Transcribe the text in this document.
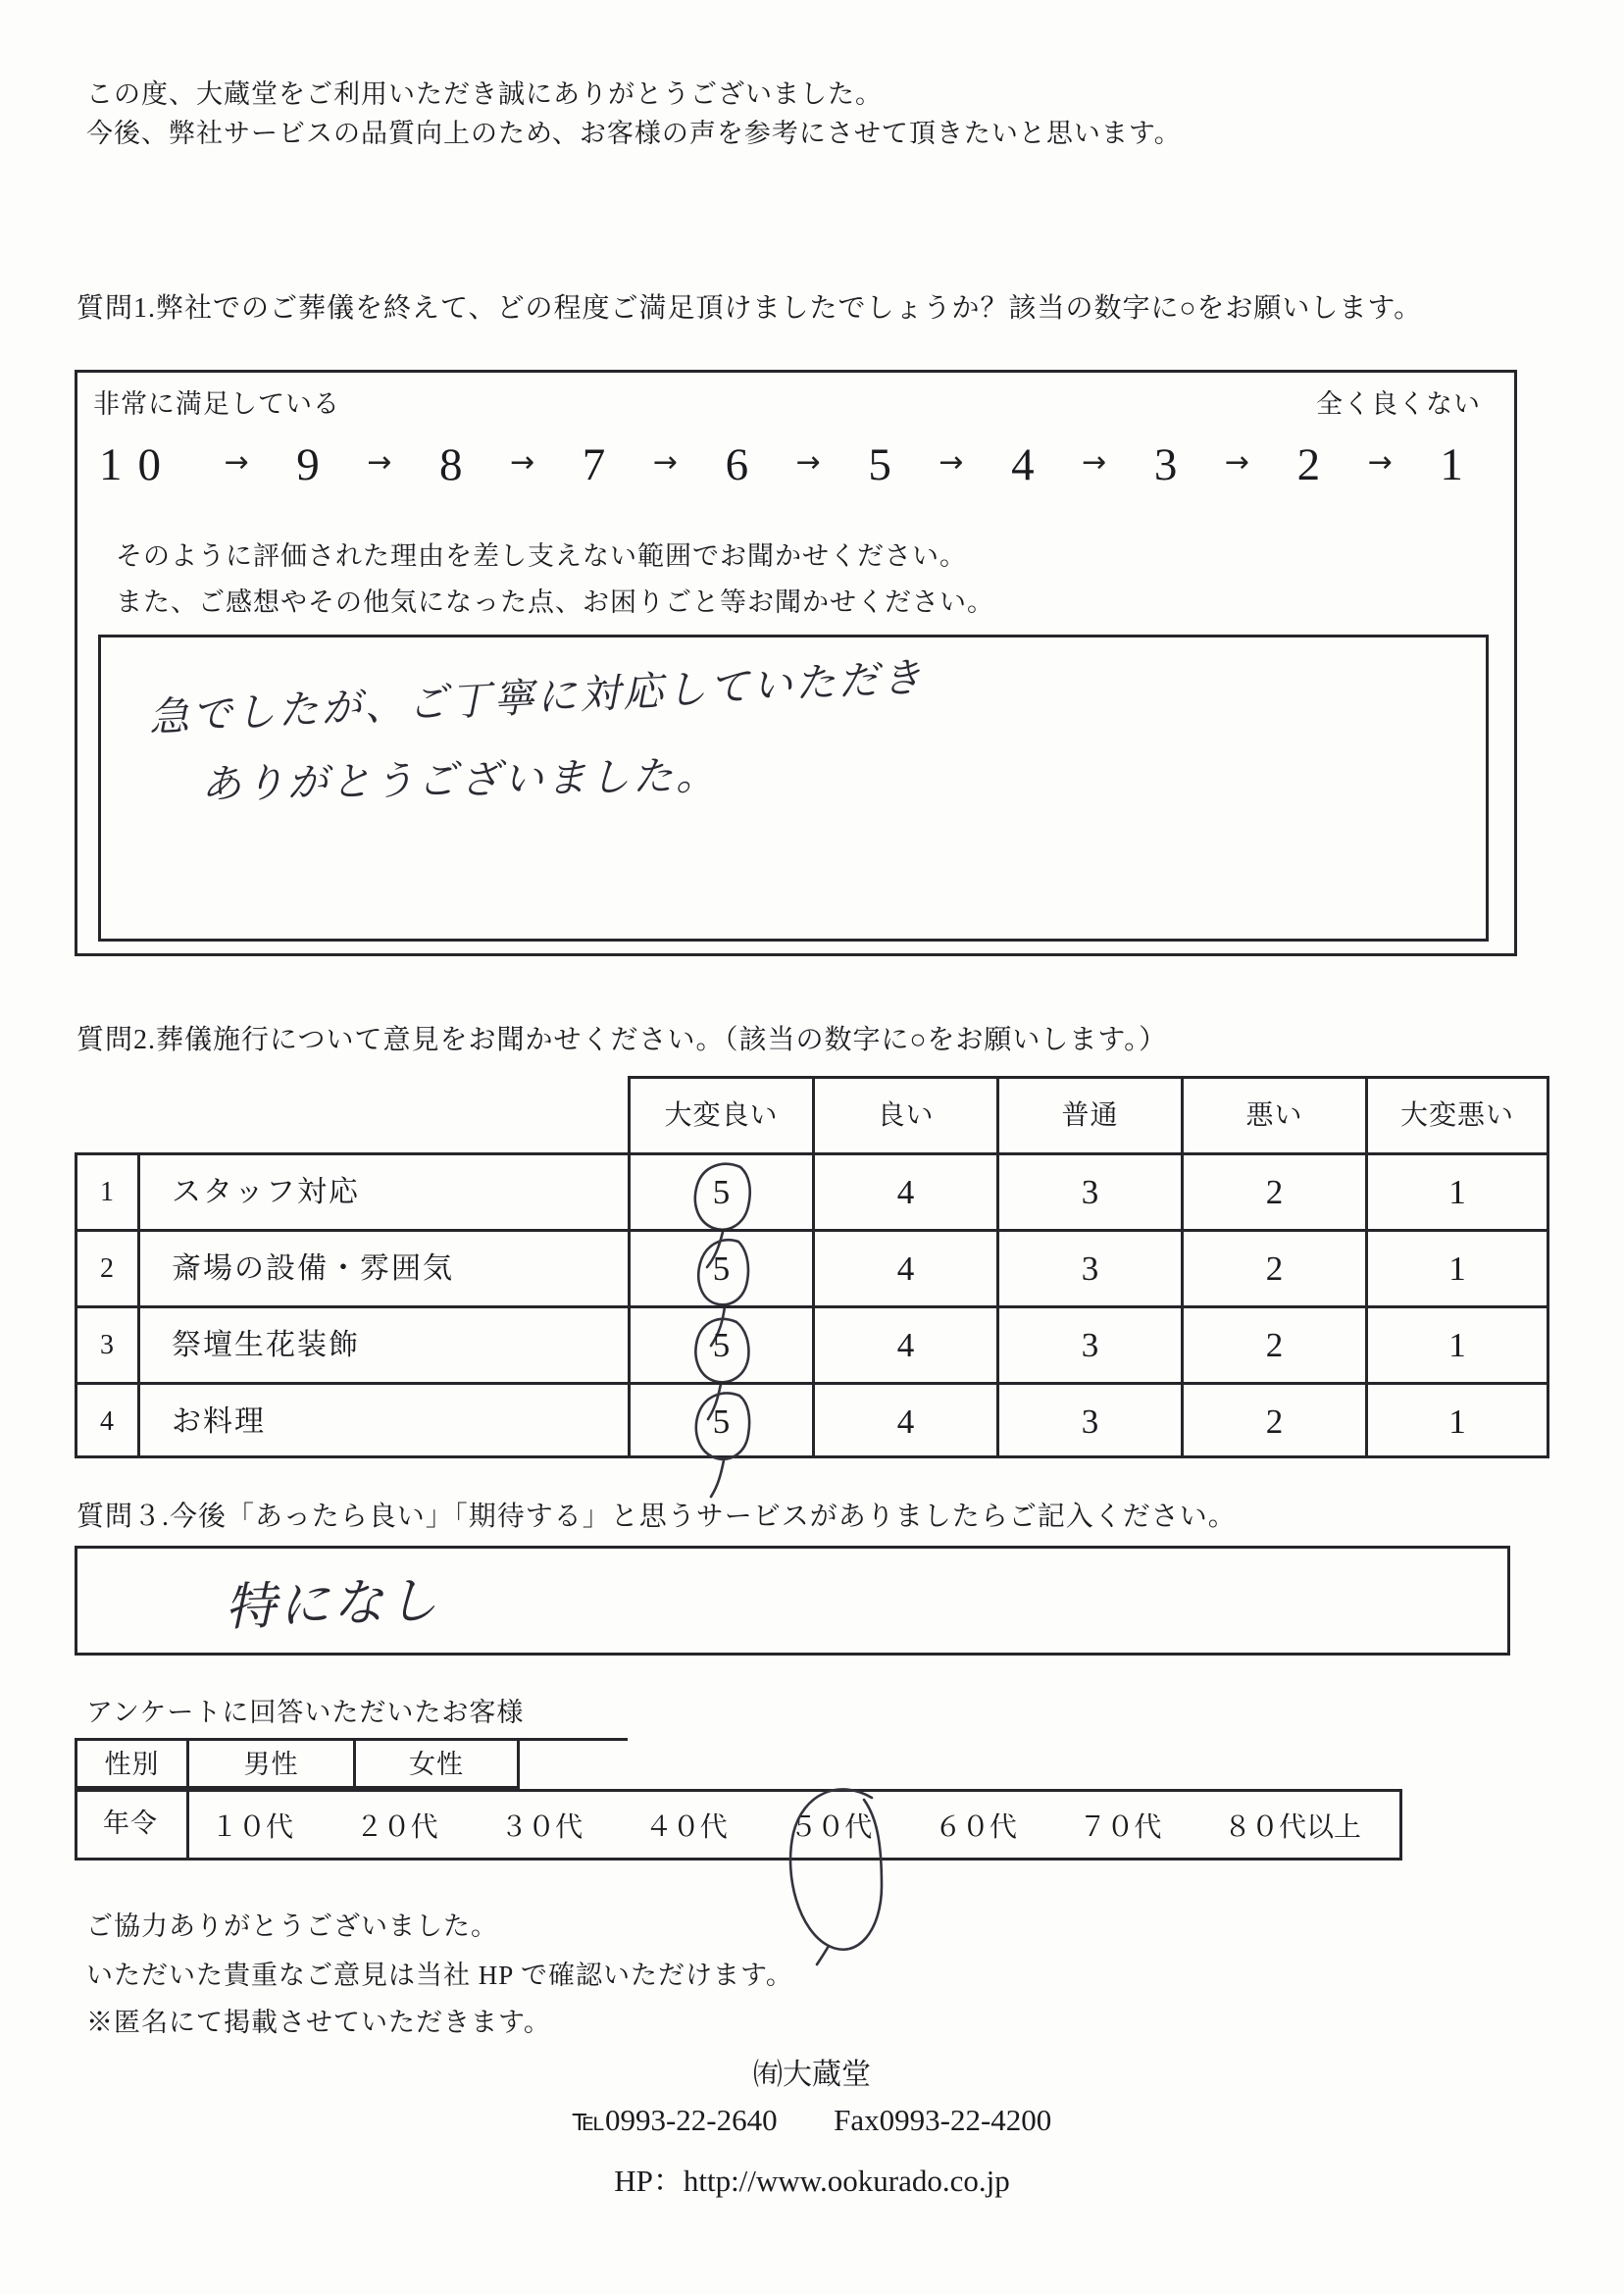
この度、大蔵堂をご利用いただき誠にありがとうございました。
今後、弊社サービスの品質向上のため、お客様の声を参考にさせて頂きたいと思います。
質問1.弊社でのご葬儀を終えて、どの程度ご満足頂けましたでしょうか？該当の数字に○をお願いします。
非常に満足している	全く良くない
10 → 9 → 8 → 7 → 6 → 5 → 4 → 3 → 2 → 1
そのように評価された理由を差し支えない範囲でお聞かせください。
また、ご感想やその他気になった点、お困りごと等お聞かせください。
急でしたが、ご丁寧に対応していただき
ありがとうございました。
質問2.葬儀施行について意見をお聞かせください。（該当の数字に○をお願いします。）
大変良い	良い	普通	悪い	大変悪い
1	スタッフ対応	5	4	3	2	1
2	斎場の設備・雰囲気	5	4	3	2	1
3	祭壇生花装飾	5	4	3	2	1
4	お料理	5	4	3	2	1
質問３.今後「あったら良い」「期待する」と思うサービスがありましたらご記入ください。
特になし
アンケートに回答いただいたお客様
性別	男性	女性
年令	１０代 ２０代 ３０代 ４０代 ５０代 ６０代 ７０代 ８０代以上
ご協力ありがとうございました。
いただいた貴重なご意見は当社 HP で確認いただけます。
※匿名にて掲載させていただきます。
㈲大蔵堂
℡0993-22-2640 Fax0993-22-4200
HP：http://www.ookurado.co.jp
